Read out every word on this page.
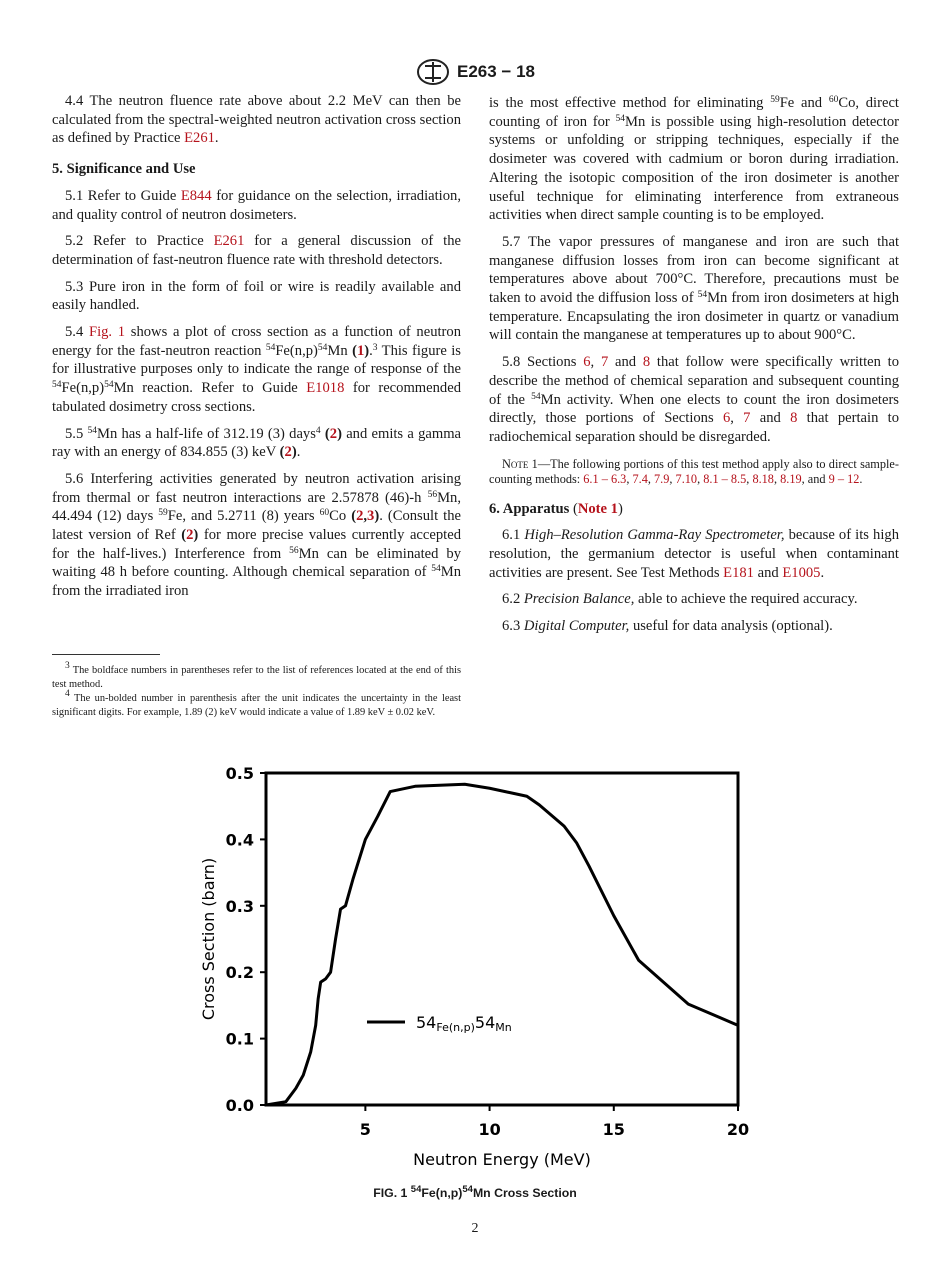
E263 − 18

4.4 The neutron fluence rate above about 2.2 MeV can then be calculated from the spectral-weighted neutron activation cross section as defined by Practice E261.

5. Significance and Use

5.1 Refer to Guide E844 for guidance on the selection, irradiation, and quality control of neutron dosimeters.

5.2 Refer to Practice E261 for a general discussion of the determination of fast-neutron fluence rate with threshold detectors.

5.3 Pure iron in the form of foil or wire is readily available and easily handled.

5.4 Fig. 1 shows a plot of cross section as a function of neutron energy for the fast-neutron reaction $^{54}Fe(n,p)^{54}Mn$ (1).$^3$ This figure is for illustrative purposes only to indicate the range of response of the $^{54}Fe(n,p)^{54}Mn$ reaction. Refer to Guide E1018 for recommended tabulated dosimetry cross sections.

5.5 $^{54}$Mn has a half-life of 312.19 (3) days$^4$ (2) and emits a gamma ray with an energy of 834.855 (3) keV (2).

5.6 Interfering activities generated by neutron activation arising from thermal or fast neutron interactions are 2.57878 (46)-h $^{56}$Mn, 44.494 (12) days $^{59}$Fe, and 5.2711 (8) years $^{60}$Co (2,3). (Consult the latest version of Ref (2) for more precise values currently accepted for the half-lives.) Interference from $^{56}$Mn can be eliminated by waiting 48 h before counting. Although chemical separation of $^{54}$Mn from the irradiated iron

is the most effective method for eliminating $^{59}$Fe and $^{60}$Co, direct counting of iron for $^{54}$Mn is possible using high-resolution detector systems or unfolding or stripping techniques, especially if the dosimeter was covered with cadmium or boron during irradiation. Altering the isotopic composition of the iron dosimeter is another useful technique for eliminating interference from extraneous activities when direct sample counting is to be employed.

5.7 The vapor pressures of manganese and iron are such that manganese diffusion losses from iron can become significant at temperatures above about 700°C. Therefore, precautions must be taken to avoid the diffusion loss of $^{54}$Mn from iron dosimeters at high temperature. Encapsulating the iron dosimeter in quartz or vanadium will contain the manganese at temperatures up to about 900°C.

5.8 Sections 6, 7 and 8 that follow were specifically written to describe the method of chemical separation and subsequent counting of the $^{54}$Mn activity. When one elects to count the iron dosimeters directly, those portions of Sections 6, 7 and 8 that pertain to radiochemical separation should be disregarded.

Note 1—The following portions of this test method apply also to direct sample-counting methods: 6.1 – 6.3, 7.4, 7.9, 7.10, 8.1 – 8.5, 8.18, 8.19, and 9 – 12.

6. Apparatus (Note 1)

6.1 High–Resolution Gamma-Ray Spectrometer, because of its high resolution, the germanium detector is useful when contaminant activities are present. See Test Methods E181 and E1005.

6.2 Precision Balance, able to achieve the required accuracy.

6.3 Digital Computer, useful for data analysis (optional).

$^3$ The boldface numbers in parentheses refer to the list of references located at the end of this test method.

$^4$ The un-bolded number in parenthesis after the unit indicates the uncertainty in the least significant digits. For example, 1.89 (2) keV would indicate a value of 1.89 keV ± 0.02 keV.

0.0
0.1
0.2
0.3
0.4
0.5
5	10	15	20
Neutron Energy (MeV)
Cross Section (barn)
54Fe(n,p)54Mn
FIG. 1 $^{54}Fe(n,p)^{54}Mn$ Cross Section
2
